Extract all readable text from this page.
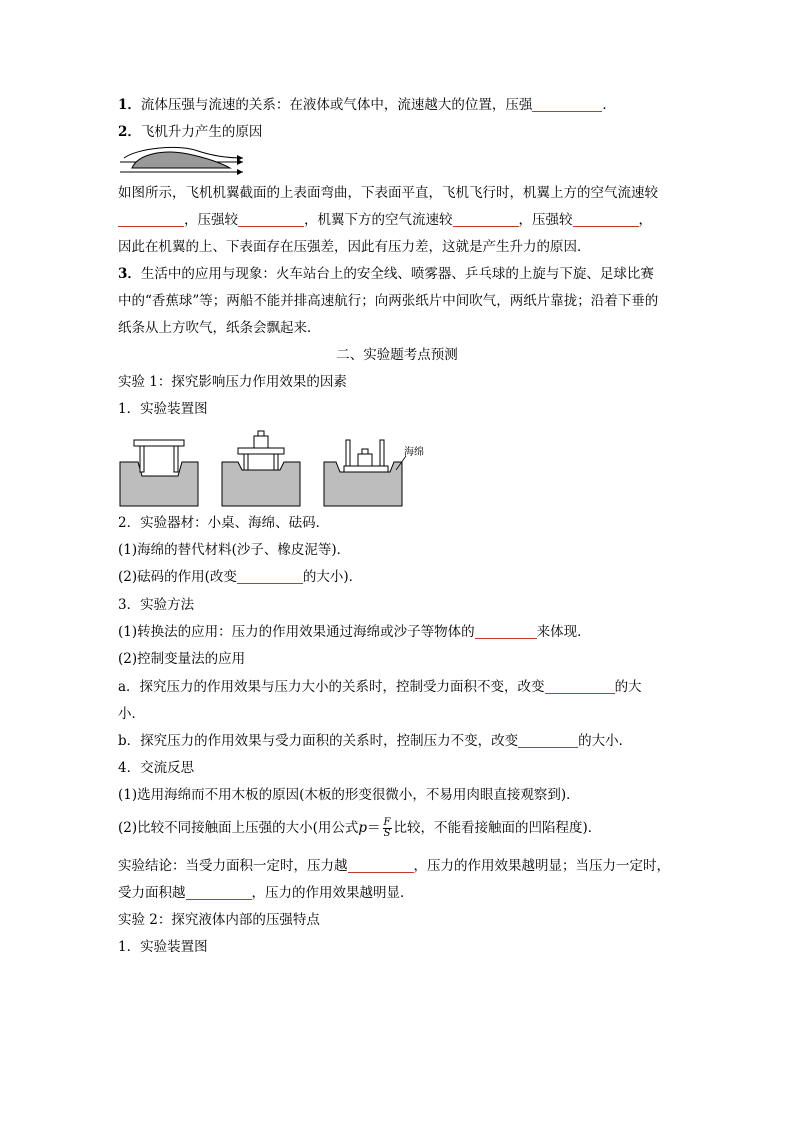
1．流体压强与流速的关系：在液体或气体中，流速越大的位置，压强	．
2．飞机升力产生的原因
如图所示，飞机机翼截面的上表面弯曲，下表面平直，飞机飞行时，机翼上方的空气流速较
，压强较	，机翼下方的空气流速较	，压强较	，
因此在机翼的上、下表面存在压强差，因此有压力差，这就是产生升力的原因．
3．生活中的应用与现象：火车站台上的安全线、喷雾器、乒乓球的上旋与下旋、足球比赛
中的“香蕉球”等；两船不能并排高速航行；向两张纸片中间吹气，两纸片靠拢；沿着下垂的
纸条从上方吹气，纸条会飘起来．
二、实验题考点预测
实验 1：探究影响压力作用效果的因素
1．实验装置图
海绵
2．实验器材：小桌、海绵、砝码．
(1)海绵的替代材料(沙子、橡皮泥等)．
(2)砝码的作用(改变	的大小)．
3．实验方法
(1)转换法的应用：压力的作用效果通过海绵或沙子等物体的	来体现．
(2)控制变量法的应用
a．探究压力的作用效果与压力大小的关系时，控制受力面积不变，改变	的大
小．
b．探究压力的作用效果与受力面积的关系时，控制压力不变，改变	的大小．
4．交流反思
(1)选用海绵而不用木板的原因(木板的形变很微小，不易用肉眼直接观察到)．
(2)比较不同接触面上压强的大小(用公式$p= \frac{F}{S}$ 比较，不能看接触面的凹陷程度)．
实验结论：当受力面积一定时，压力越	，压力的作用效果越明显；当压力一定时，
受力面积越	，压力的作用效果越明显．
实验 2：探究液体内部的压强特点
1．实验装置图
